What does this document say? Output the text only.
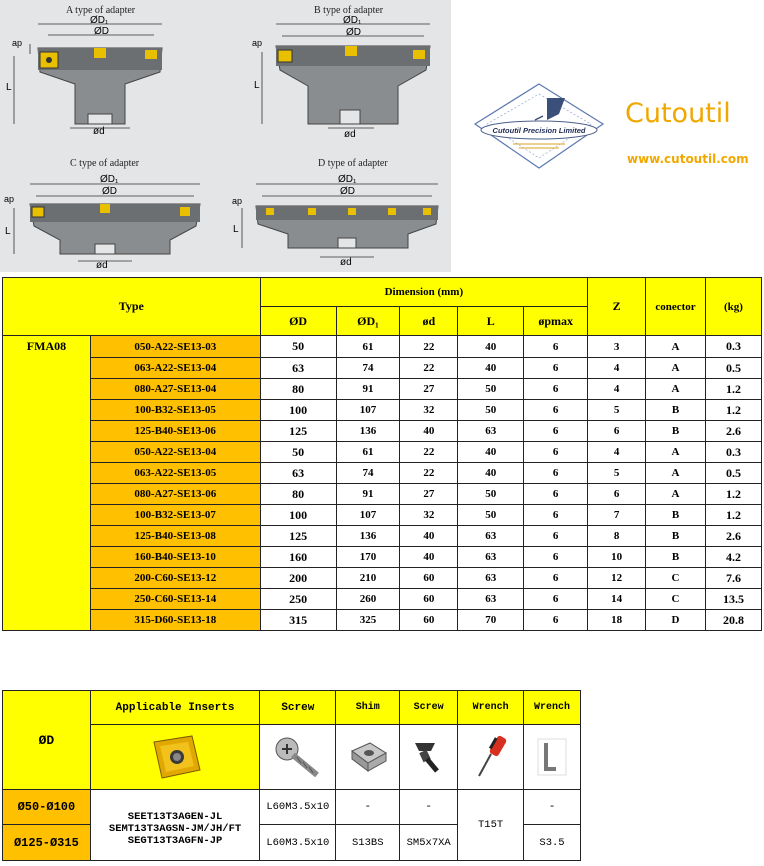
A type of adapter
ap
L
ØD₁
ØD
ød
B type of adapter
ap
L
ØD₁
ØD
ød
C type of adapter
ap
L
ØD₁
ØD
ød
D type of adapter
ap
L
ØD₁
ØD
ød
Cutoutil Precision Limited
Cutoutil
www.cutoutil.com
Type		Dimension (mm)					Z	conector	(kg)
		ØD	ØD₁	ød	L	øpmax			
FMA08	050-A22-SE13-03	50	61	22	40	6	3	A	0.3
	063-A22-SE13-04	63	74	22	40	6	4	A	0.5
	080-A27-SE13-04	80	91	27	50	6	4	A	1.2
	100-B32-SE13-05	100	107	32	50	6	5	B	1.2
	125-B40-SE13-06	125	136	40	63	6	6	B	2.6
	050-A22-SE13-04	50	61	22	40	6	4	A	0.3
	063-A22-SE13-05	63	74	22	40	6	5	A	0.5
	080-A27-SE13-06	80	91	27	50	6	6	A	1.2
	100-B32-SE13-07	100	107	32	50	6	7	B	1.2
	125-B40-SE13-08	125	136	40	63	6	8	B	2.6
	160-B40-SE13-10	160	170	40	63	6	10	B	4.2
	200-C60-SE13-12	200	210	60	63	6	12	C	7.6
	250-C60-SE13-14	250	260	60	63	6	14	C	13.5
	315-D60-SE13-18	315	325	60	70	6	18	D	20.8
ØD	Applicable Inserts	Screw	Shim	Screw	Wrench	Wrench

Ø50-Ø100	SEET13T3AGEN-JL
SEMT13T3AGSN-JM/JH/FT
SEGT13T3AGFN-JP	L60M3.5x10	-	-	T15T	-
Ø125-Ø315		L60M3.5x10	S13BS	SM5x7XA		S3.5
